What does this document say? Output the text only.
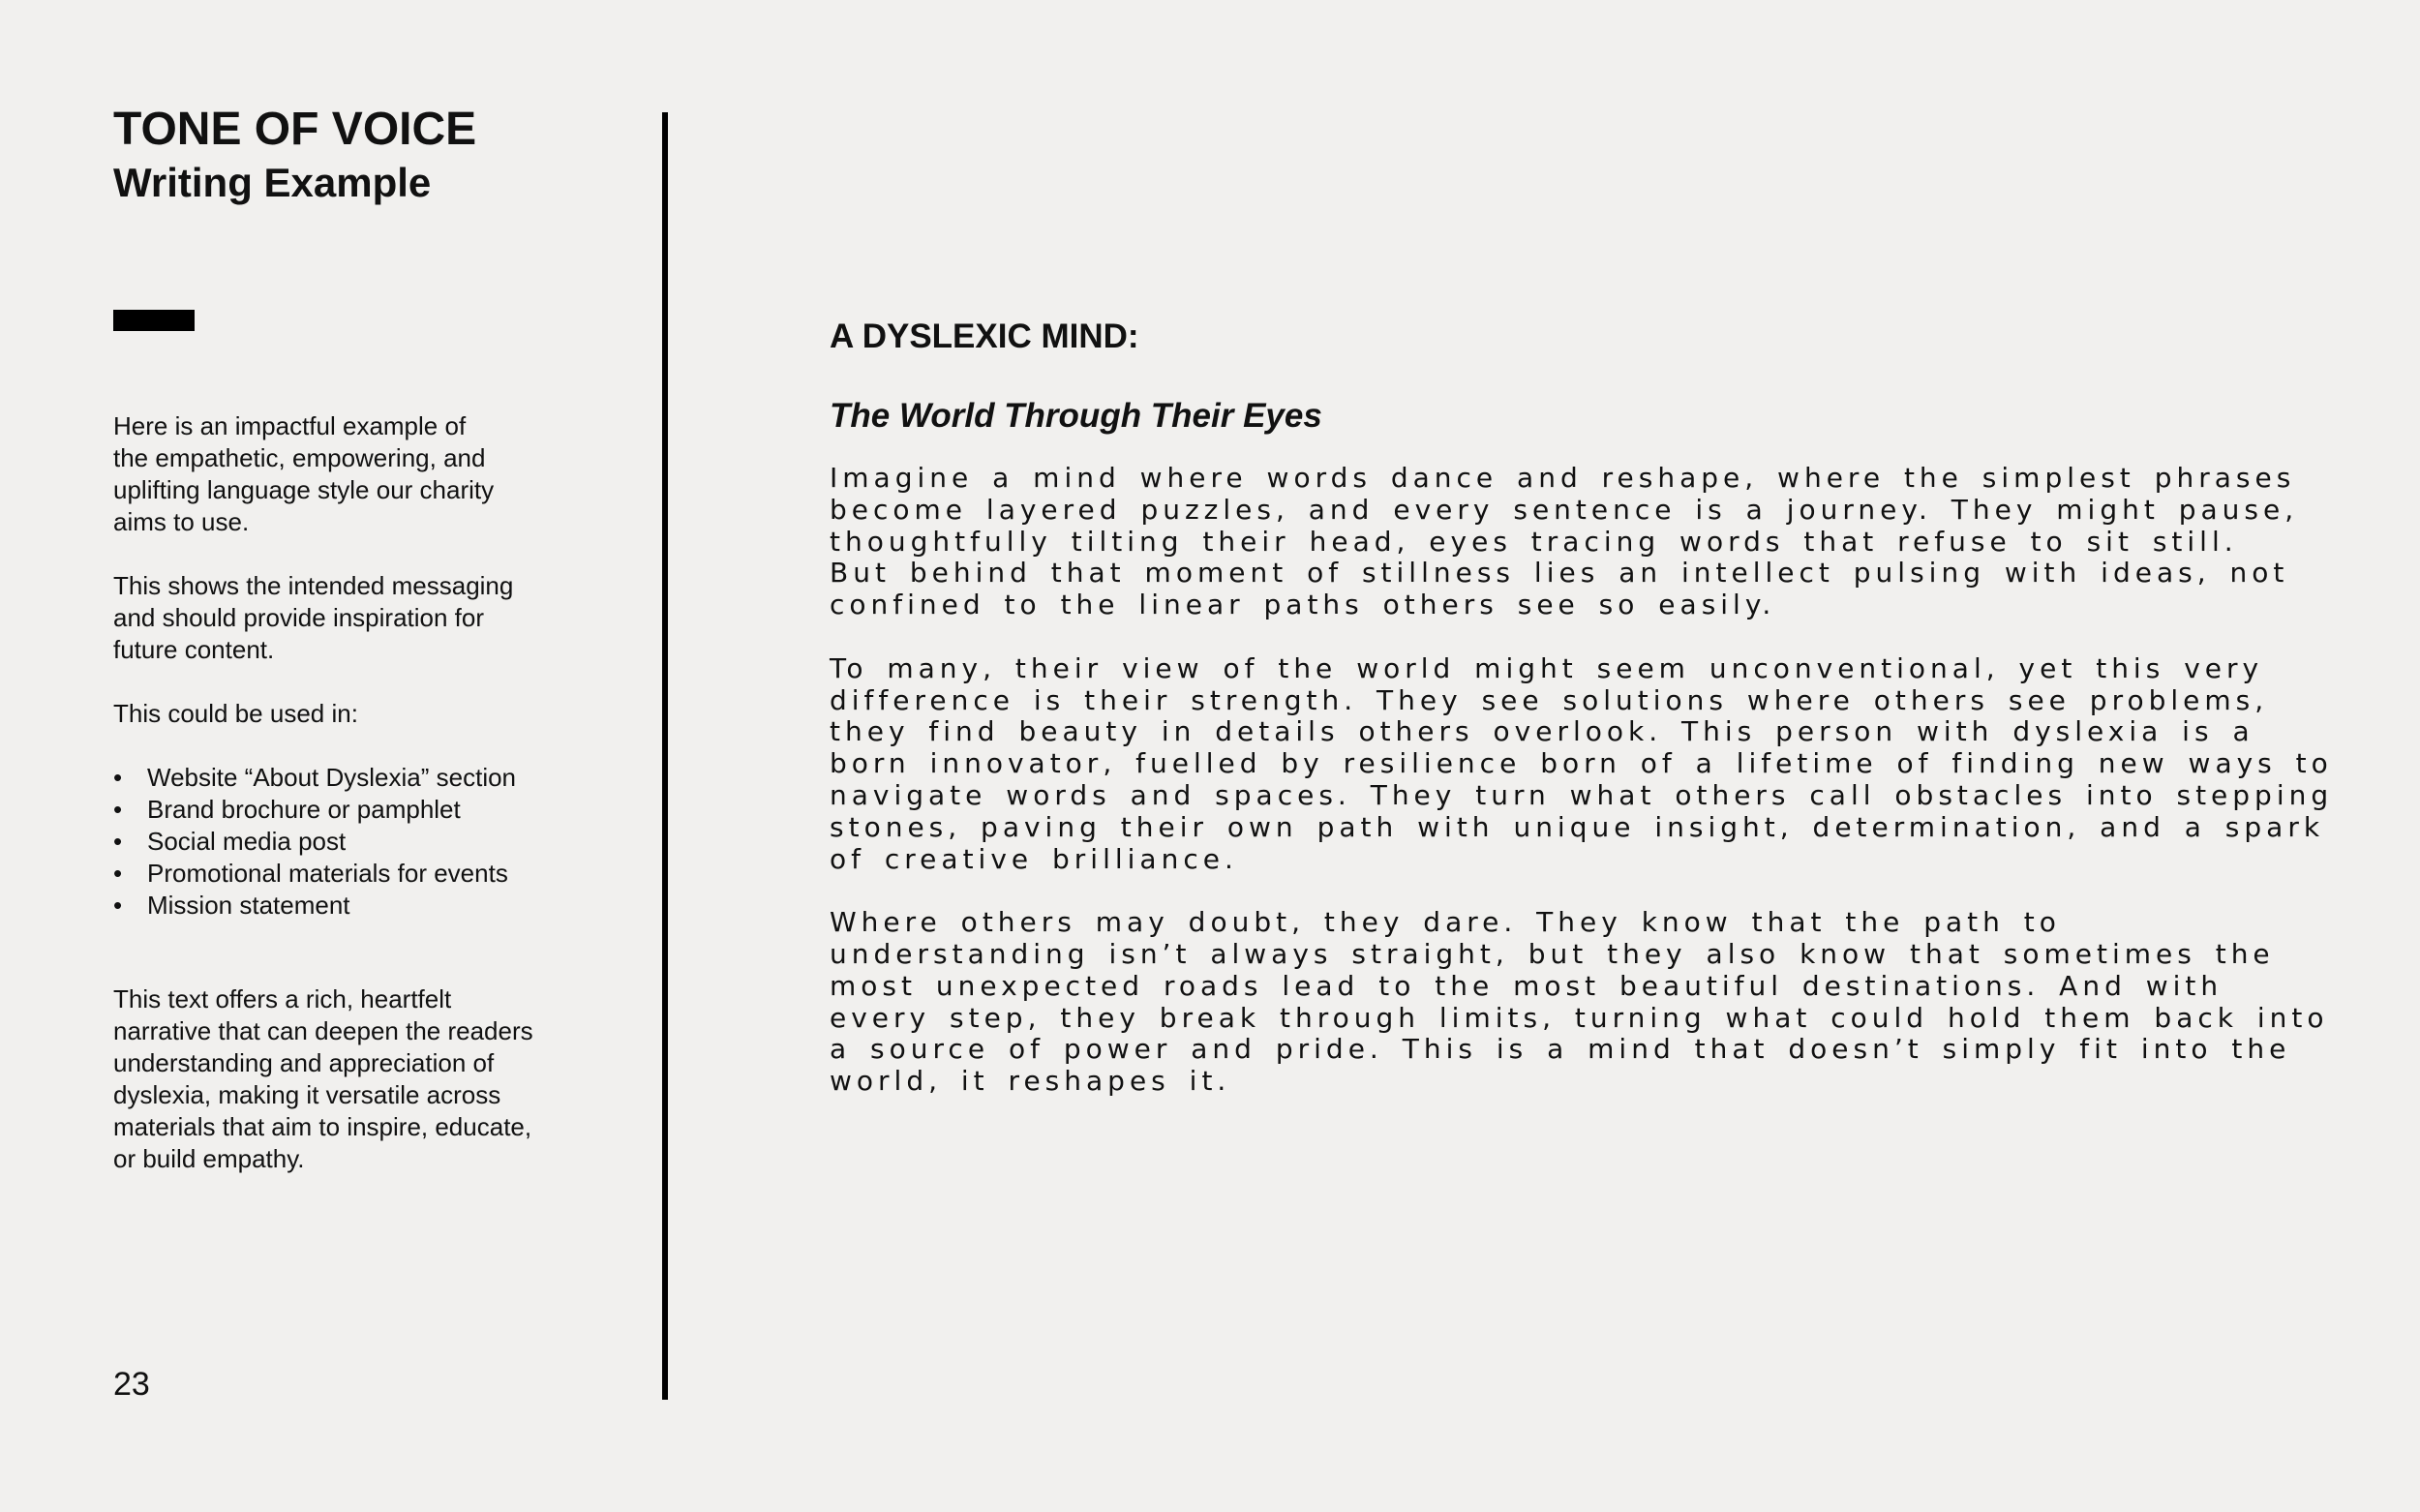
TONE OF VOICE
Writing Example

Here is an impactful example of
the empathetic, empowering, and
uplifting language style our charity
aims to use.

This shows the intended messaging
and should provide inspiration for
future content.

This could be used in:

• Website “About Dyslexia” section
• Brand brochure or pamphlet
• Social media post
• Promotional materials for events
• Mission statement
This text offers a rich, heartfelt
narrative that can deepen the readers
understanding and appreciation of
dyslexia, making it versatile across
materials that aim to inspire, educate,
or build empathy.
23
A DYSLEXIC MIND:
The World Through Their Eyes

Imagine a mind where words dance and reshape, where the simplest phrases
become layered puzzles, and every sentence is a journey. They might pause,
thoughtfully tilting their head, eyes tracing words that refuse to sit still.
But behind that moment of stillness lies an intellect pulsing with ideas, not
confined to the linear paths others see so easily.

To many, their view of the world might seem unconventional, yet this very
difference is their strength. They see solutions where others see problems,
they find beauty in details others overlook. This person with dyslexia is a
born innovator, fuelled by resilience born of a lifetime of finding new ways to
navigate words and spaces. They turn what others call obstacles into stepping
stones, paving their own path with unique insight, determination, and a spark
of creative brilliance.

Where others may doubt, they dare. They know that the path to
understanding isn’t always straight, but they also know that sometimes the
most unexpected roads lead to the most beautiful destinations. And with
every step, they break through limits, turning what could hold them back into
a source of power and pride. This is a mind that doesn’t simply fit into the
world, it reshapes it.
